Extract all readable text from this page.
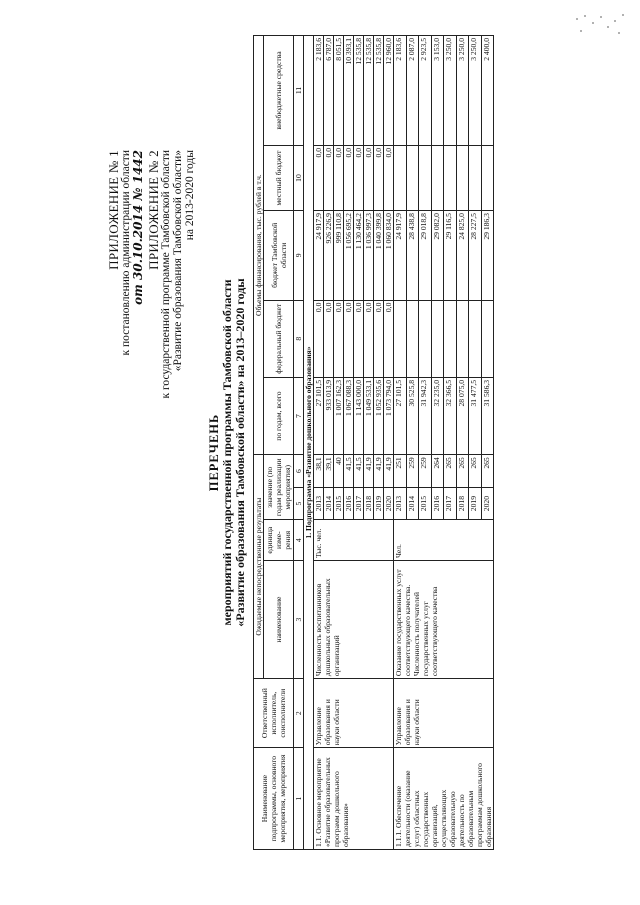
ПРИЛОЖЕНИЕ № 1 к постановлению администрации области от 30.10.2014 № 1442 ПРИЛОЖЕНИЕ № 2 к государственной программе Тамбовской области «Развитие образования Тамбовской области» на 2013-2020 годы
ПЕРЕЧЕНЬ мероприятий государственной программы Тамбовской области «Развитие образования Тамбовской области» на 2013–2020 годы
Наименование подпрограммы, основного мероприятия, мероприятия	Ответственный исполнитель, соисполнители	Ожидаемые непосредственные результаты				Объемы финансирования, тыс. рублей в т.ч.				
		наименование	единица изме-рения	значение (по годам реализации мероприятия)		по годам, всего	федеральный бюджет	бюджет Тамбовской области	местный бюджет	внебюджетные средства

1	2	3	4	5	6	7	8	9	10	11
1. Подпрограмма «Развитие дошкольного образования»										
1.1. Основное мероприятие «Развитие образовательных программ дошкольного образования»	Управление образования и науки области	Численность воспитанников дошкольных образовательных организаций	Тыс. чел.	2013	38,1	27 101,5	0,0	24 917,9	0,0	2 183,6
				2014	39,1	933 013,9	0,0	926 226,9	0,0	6 787,0
				2015	40	1 007 162,3	0,0	999 110,8	0,0	8 051,5
				2016	41,5	1 067 088,3	0,0	1 056 695,2	0,0	10 393,1
				2017	41,5	1 143 000,0	0,0	1 130 464,2	0,0	12 535,8
				2018	41,9	1 049 533,1	0,0	1 036 997,3	0,0	12 535,8
				2019	41,9	1 052 935,6	0,0	1 040 399,8	0,0	12 535,8
				2020	41,9	1 073 794,0	0,0	1 060 834,0	0,0	12 960,0
1.1.1. Обеспечение деятельности (оказание услуг) областных государственных организаций, осуществляющих образовательную деятельность по образовательным программам дошкольного образования	Управление образования и науки области	Оказание государственных услуг соответствующего качества. Численность получателей государственных услуг соответствующего качества	Чел.	2013	251	27 101,5		24 917,9		2 183,6
				2014	259	30 525,8		28 438,8		2 087,0
				2015	259	31 942,3		29 018,8		2 923,5
				2016	264	32 235,0		29 082,0		3 153,0
				2017	265	32 366,5		29 116,5		3 250,0
				2018	265	28 075,0		24 825,0		3 250,0
				2019	265	31 477,5		28 227,5		3 250,0
				2020	265	31 586,3		29 186,3		2 400,0
